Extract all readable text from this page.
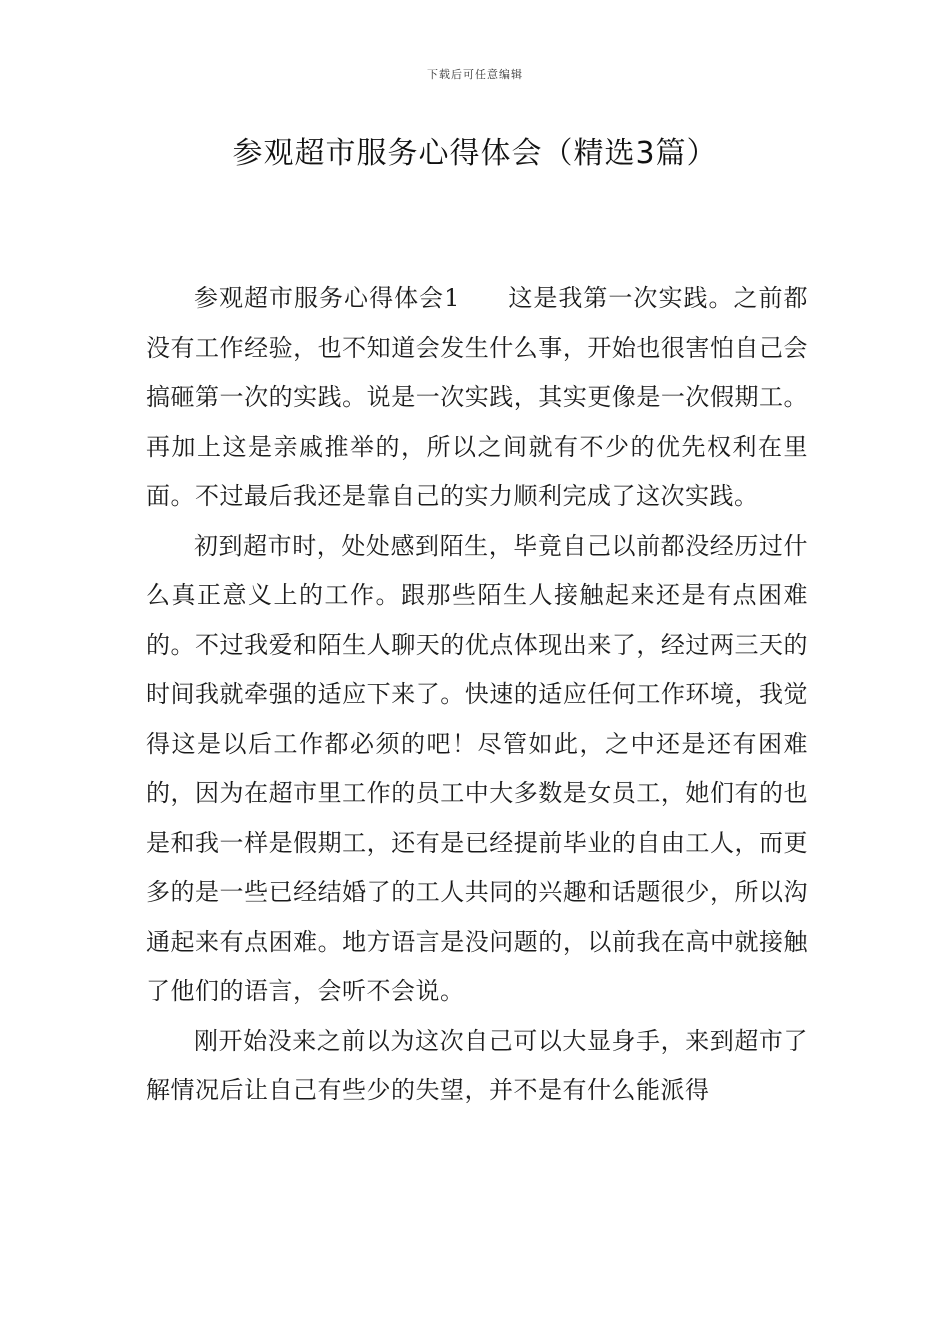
下载后可任意编辑
参观超市服务心得体会（精选3篇）

参观超市服务心得体会1 这是我第一次实践。之前都没有工作经验，也不知道会发生什么事，开始也很害怕自己会搞砸第一次的实践。说是一次实践，其实更像是一次假期工。再加上这是亲戚推举的，所以之间就有不少的优先权利在里面。不过最后我还是靠自己的实力顺利完成了这次实践。

初到超市时，处处感到陌生，毕竟自己以前都没经历过什么真正意义上的工作。跟那些陌生人接触起来还是有点困难的。不过我爱和陌生人聊天的优点体现出来了，经过两三天的时间我就牵强的适应下来了。快速的适应任何工作环境，我觉得这是以后工作都必须的吧！尽管如此，之中还是还有困难的，因为在超市里工作的员工中大多数是女员工，她们有的也是和我一样是假期工，还有是已经提前毕业的自由工人，而更多的是一些已经结婚了的工人共同的兴趣和话题很少，所以沟通起来有点困难。地方语言是没问题的，以前我在高中就接触了他们的语言，会听不会说。

刚开始没来之前以为这次自己可以大显身手，来到超市了解情况后让自己有些少的失望，并不是有什么能派得
